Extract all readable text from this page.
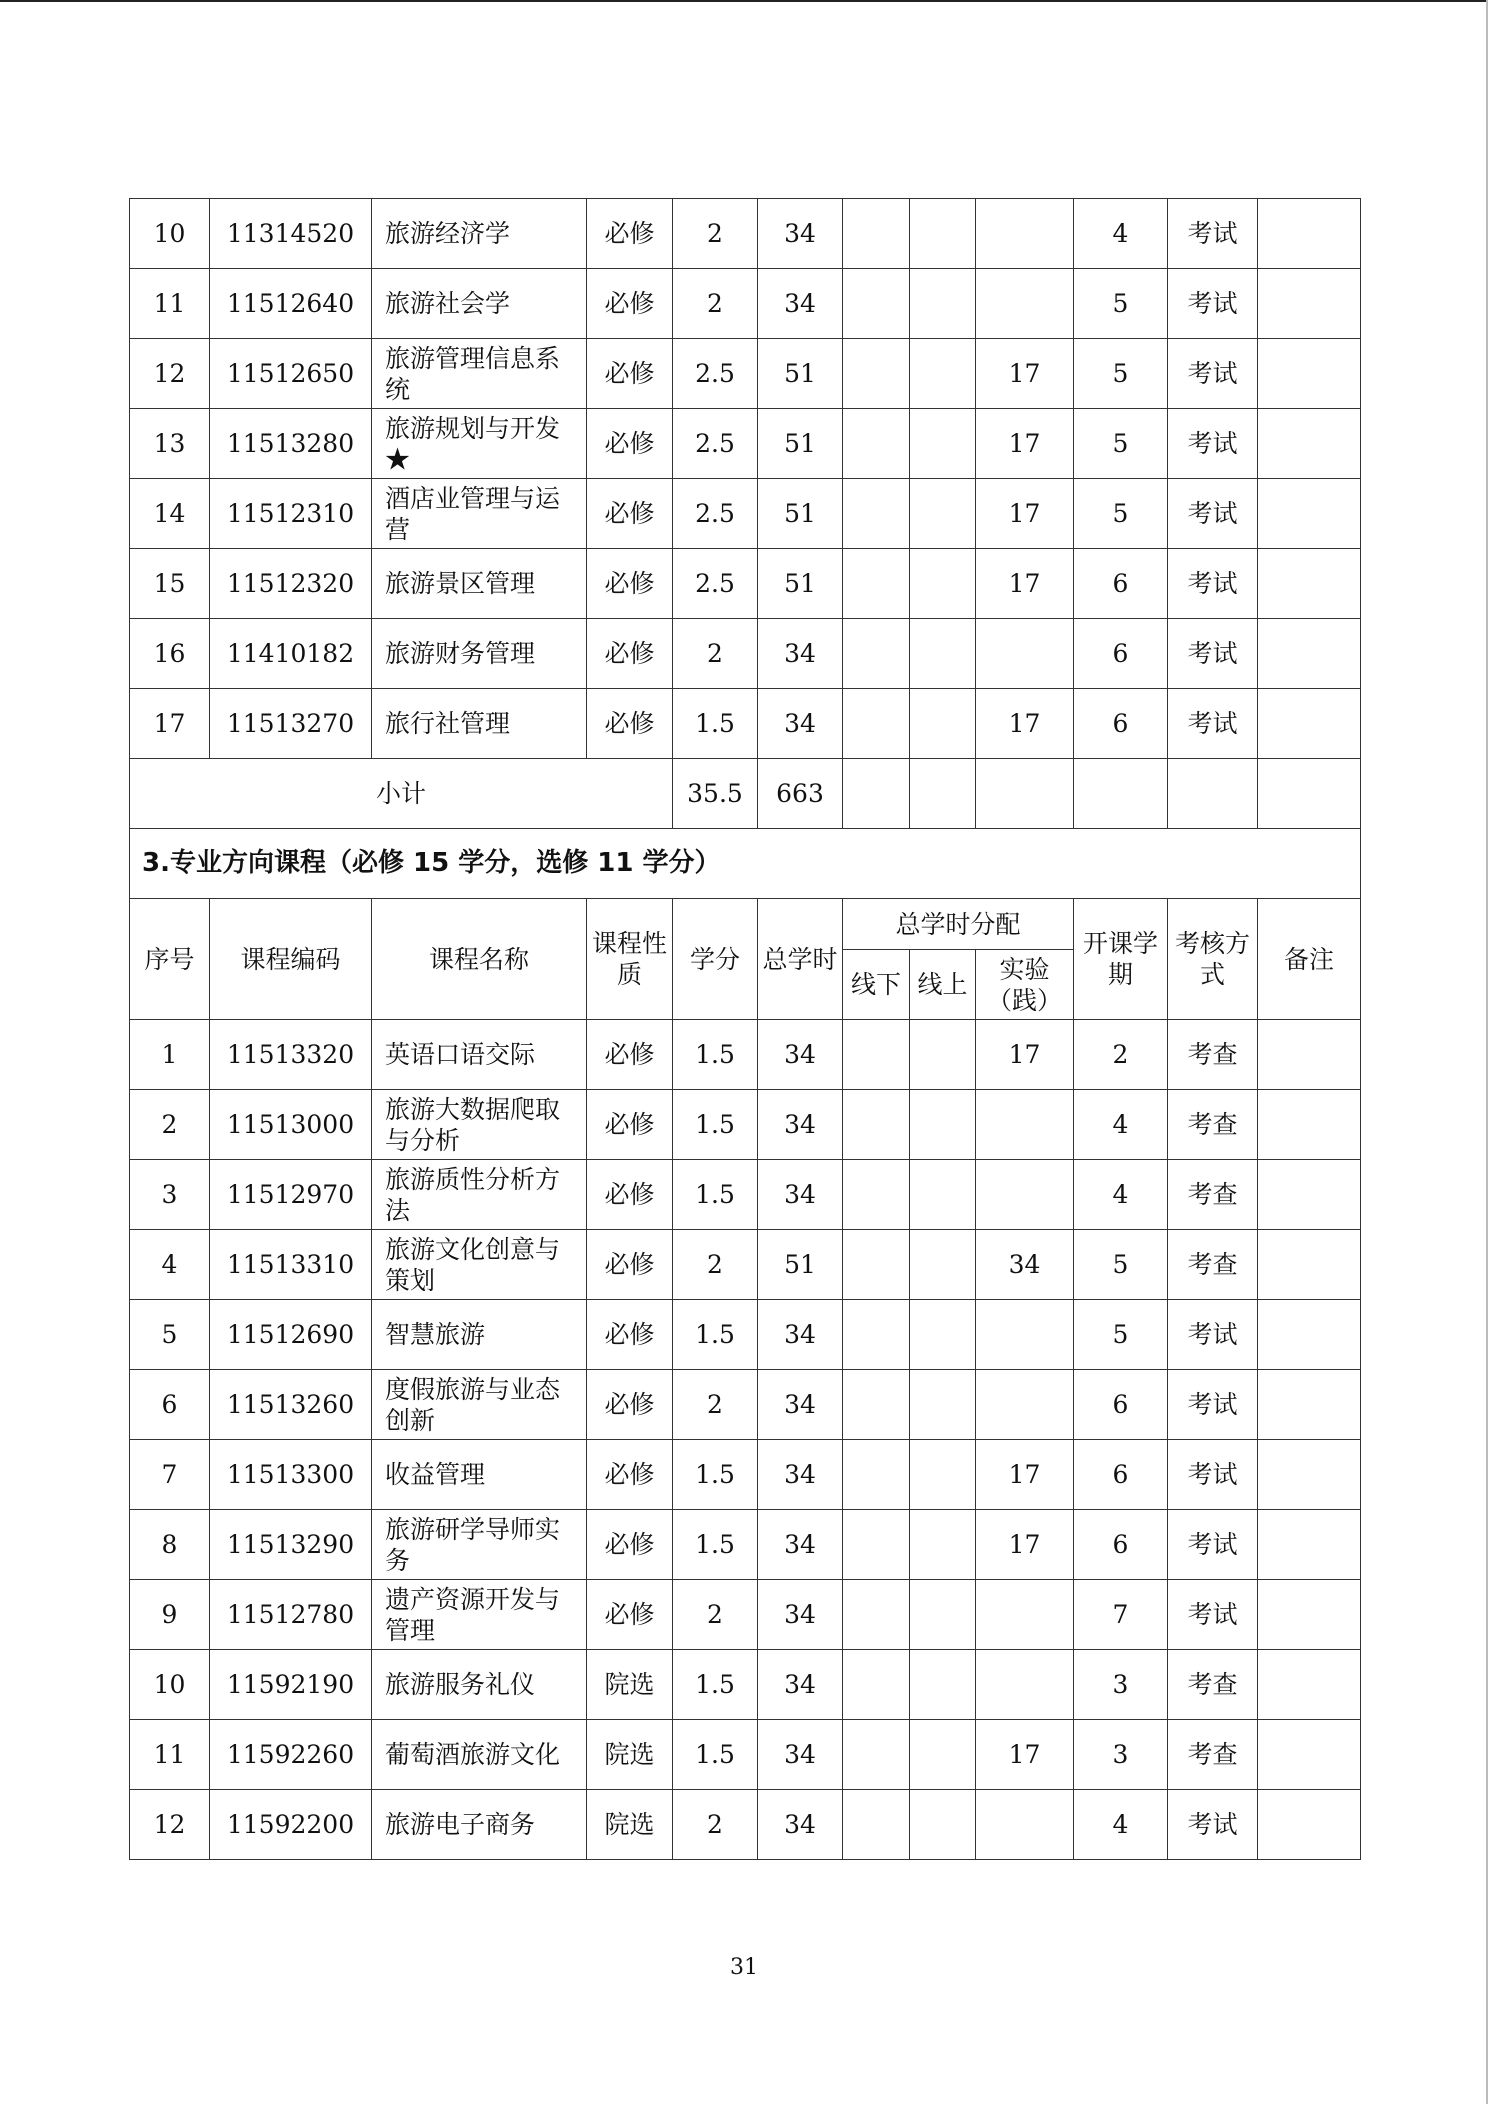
10	11314520	旅游经济学	必修	2	34				4	考试	
11	11512640	旅游社会学	必修	2	34				5	考试	
12	11512650	旅游管理信息系统	必修	2.5	51			17	5	考试	
13	11513280	旅游规划与开发★	必修	2.5	51			17	5	考试	
14	11512310	酒店业管理与运营	必修	2.5	51			17	5	考试	
15	11512320	旅游景区管理	必修	2.5	51			17	6	考试	
16	11410182	旅游财务管理	必修	2	34				6	考试	
17	11513270	旅行社管理	必修	1.5	34			17	6	考试	
小计				35.5	663						
3.专业方向课程（必修 15 学分，选修 11 学分）											
序号	课程编码	课程名称	课程性质	学分	总学时	总学时分配			开课学期	考核方式	备注
						线下	线上	实验（践）			
1	11513320	英语口语交际	必修	1.5	34			17	2	考查	
2	11513000	旅游大数据爬取与分析	必修	1.5	34				4	考查	
3	11512970	旅游质性分析方法	必修	1.5	34				4	考查	
4	11513310	旅游文化创意与策划	必修	2	51			34	5	考查	
5	11512690	智慧旅游	必修	1.5	34				5	考试	
6	11513260	度假旅游与业态创新	必修	2	34				6	考试	
7	11513300	收益管理	必修	1.5	34			17	6	考试	
8	11513290	旅游研学导师实务	必修	1.5	34			17	6	考试	
9	11512780	遗产资源开发与管理	必修	2	34				7	考试	
10	11592190	旅游服务礼仪	院选	1.5	34				3	考查	
11	11592260	葡萄酒旅游文化	院选	1.5	34			17	3	考查	
12	11592200	旅游电子商务	院选	2	34				4	考试	
31
